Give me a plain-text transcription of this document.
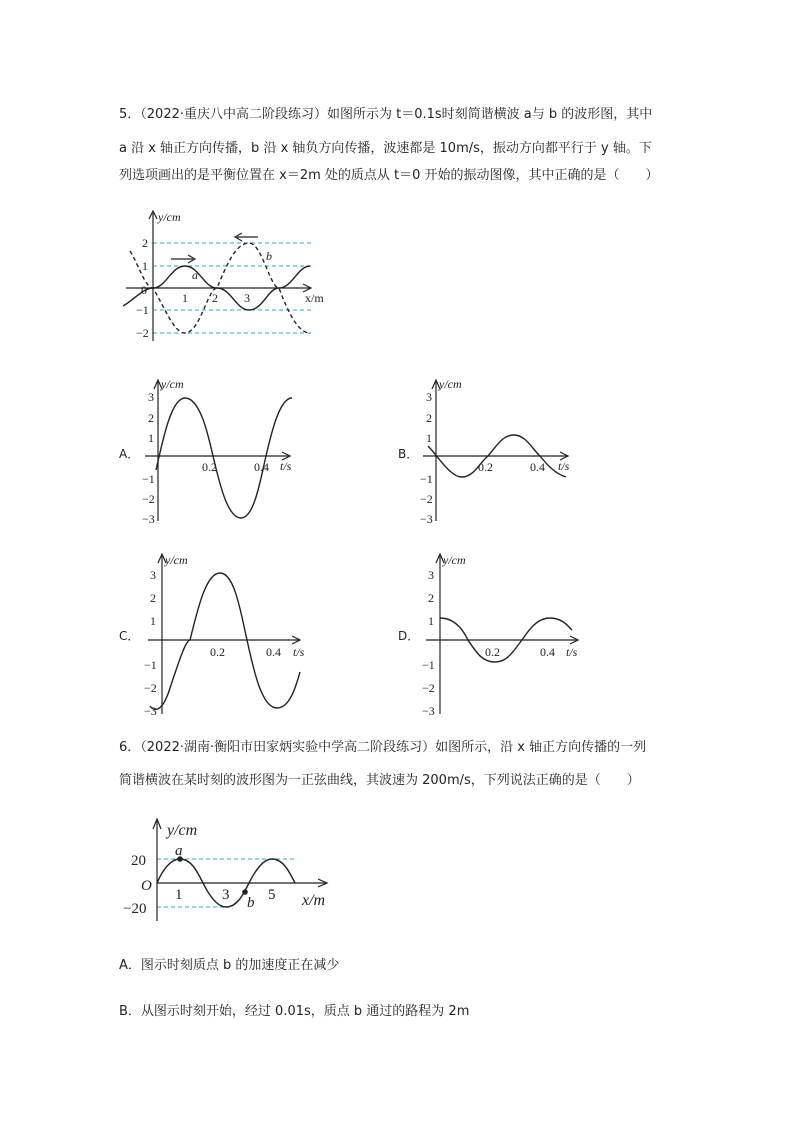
5．（2022·重庆八中高二阶段练习）如图所示为 t＝0.1s时刻简谐横波 a与 b 的波形图，其中
a 沿 x 轴正方向传播，b 沿 x 轴负方向传播，波速都是 10m/s，振动方向都平行于 y 轴。下
列选项画出的是平衡位置在 x＝2m 处的质点从 t＝0 开始的振动图像，其中正确的是（　　）
y/cm
x/m
0
2
1
−1
−2
1 2 3
a
b
A．
y/cm
t/s
3
2
1
−1
−2
−3
0.2	0.4
B．
y/cm
t/s
3
2
1
−1
−2
−3
0.2	0.4
C．
y/cm
t/s
3
2
1
−1
−2
−3
0.2	0.4
D．
y/cm
t/s
3
2
1
−1
−2
−3
0.2	0.4
6．（2022·湖南·衡阳市田家炳实验中学高二阶段练习）如图所示，沿 x 轴正方向传播的一列
简谐横波在某时刻的波形图为一正弦曲线，其波速为 200m/s，下列说法正确的是（　　）
y/cm
x/m
O
20
−20
1	3	5
a
b
A．图示时刻质点 b 的加速度正在减少
B．从图示时刻开始，经过 0.01s，质点 b 通过的路程为 2m
